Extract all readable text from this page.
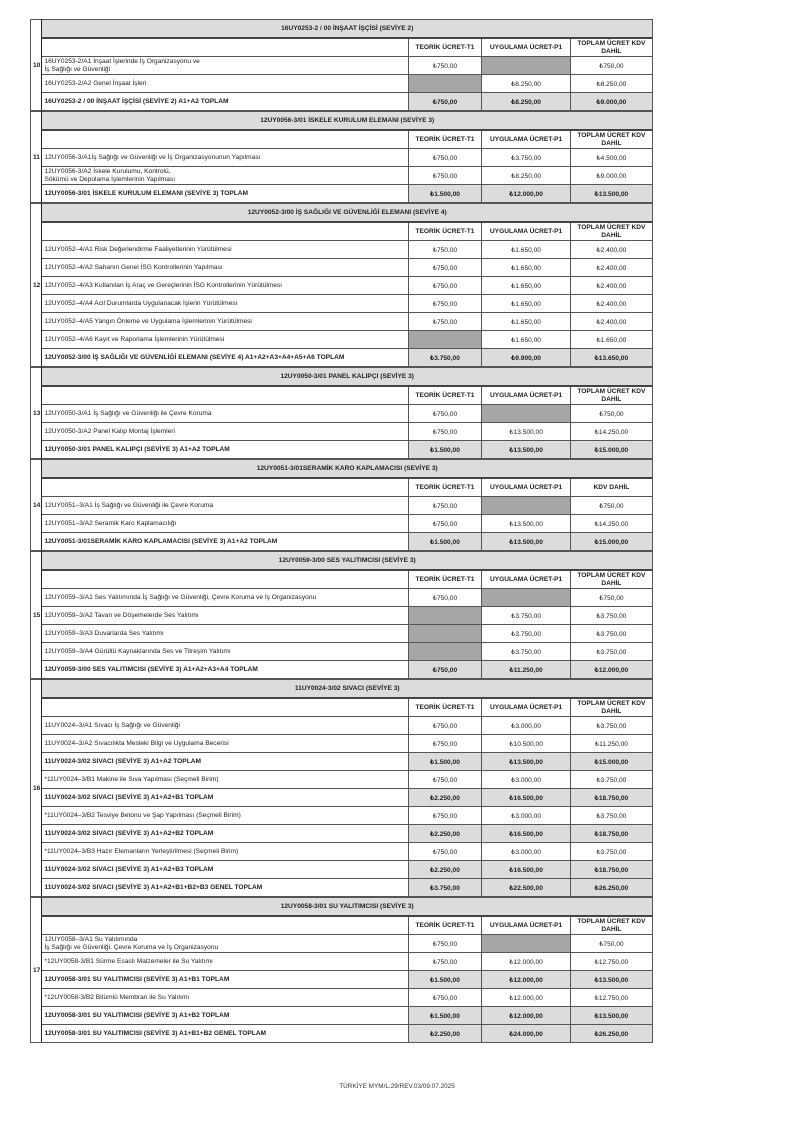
10	16UY0253-2 / 00 İNŞAAT İŞÇİSİ (SEVİYE 2)			
		TEORİK ÜCRET-T1	UYGULAMA ÜCRET-P1	TOPLAM ÜCRET KDV DAHİL
	16UY0253-2/A1 İnşaat İşlerinde İş Organizasyonu ve
İş Sağlığı ve Güvenliği	₺750,00		₺750,00
	16UY0253-2/A2 Genel İnşaat İşleri		₺8.250,00	₺8.250,00
	16UY0253-2 / 00 İNŞAAT İŞÇİSİ (SEVİYE 2) A1+A2 TOPLAM	₺750,00	₺8.250,00	₺9.000,00
11	12UY0056-3/01 İSKELE KURULUM ELEMANI (SEVİYE 3)			
		TEORİK ÜCRET-T1	UYGULAMA ÜCRET-P1	TOPLAM ÜCRET KDV DAHİL
	12UY0056-3/A1İş Sağlığı ve Güvenliği ve İş Organizasyonunun Yapılması	₺750,00	₺3.750,00	₺4.500,00
	12UY0056-3/A2 İskele Kurulumu, Kontrolü,
Sökümü ve Depolama İşlemlerinin Yapılması	₺750,00	₺8.250,00	₺9.000,00
	12UY0056-3/01 İSKELE KURULUM ELEMANI (SEVİYE 3) TOPLAM	₺1.500,00	₺12.000,00	₺13.500,00
12	12UY0052-3/00 İŞ SAĞLIĞI VE GÜVENLİĞİ ELEMANI (SEVİYE 4)			
		TEORİK ÜCRET-T1	UYGULAMA ÜCRET-P1	TOPLAM ÜCRET KDV DAHİL
	12UY0052–4/A1 Risk Değerlendirme Faaliyetlerinin Yürütülmesi	₺750,00	₺1.650,00	₺2.400,00
	12UY0052–4/A2 Sahanın Genel İSG Kontrollerinin Yapılması	₺750,00	₺1.650,00	₺2.400,00
	12UY0052–4/A3 Kullanılan İş Araç ve Gereçlerinin İSG Kontrollerinin Yürütülmesi	₺750,00	₺1.650,00	₺2.400,00
	12UY0052–4/A4 Acil Durumlarda Uygulanacak İşlerin Yürütülmesi	₺750,00	₺1.650,00	₺2.400,00
	12UY0052–4/A5 Yangın Önleme ve Uygulama İşlemlerinin Yürütülmesi	₺750,00	₺1.650,00	₺2.400,00
	12UY0052–4/A6 Kayıt ve Raporlama İşlemlerinin Yürütülmesi		₺1.650,00	₺1.650,00
	12UY0052-3/00 İŞ SAĞLIĞI VE GÜVENLİĞİ ELEMANI (SEVİYE 4) A1+A2+A3+A4+A5+A6 TOPLAM	₺3.750,00	₺9.900,00	₺13.650,00
13	12UY0050-3/01 PANEL KALIPÇI (SEVİYE 3)			
		TEORİK ÜCRET-T1	UYGULAMA ÜCRET-P1	TOPLAM ÜCRET KDV DAHİL
	12UY0050-3/A1 İş Sağlığı ve Güvenliği ile Çevre Koruma	₺750,00		₺750,00
	12UY0050-3/A2 Panel Kalıp Montaj İşlemleri	₺750,00	₺13.500,00	₺14.250,00
	12UY0050-3/01 PANEL KALIPÇI (SEVİYE 3) A1+A2 TOPLAM	₺1.500,00	₺13.500,00	₺15.000,00
14	12UY0051-3/01SERAMİK KARO KAPLAMACISI (SEVİYE 3)			
		TEORİK ÜCRET-T1	UYGULAMA ÜCRET-P1	KDV DAHİL
	12UY0051–3/A1 İş Sağlığı ve Güvenliği ile Çevre Koruma	₺750,00		₺750,00
	12UY0051–3/A2 Seramik Karo Kaplamacılığı	₺750,00	₺13.500,00	₺14.250,00
	12UY0051-3/01SERAMİK KARO KAPLAMACISI (SEVİYE 3) A1+A2 TOPLAM	₺1.500,00	₺13.500,00	₺15.000,00
15	12UY0059-3/00 SES YALITIMCISI (SEVİYE 3)			
		TEORİK ÜCRET-T1	UYGULAMA ÜCRET-P1	TOPLAM ÜCRET KDV DAHİL
	12UY0059–3/A1 Ses Yalıtımında İş Sağlığı ve Güvenliği, Çevre Koruma ve İş Organizasyonu	₺750,00		₺750,00
	12UY0059–3/A2 Tavan ve Döşemelerde Ses Yalıtımı		₺3.750,00	₺3.750,00
	12UY0059–3/A3 Duvarlarda Ses Yalıtımı		₺3.750,00	₺3.750,00
	12UY0059–3/A4 Gürültü Kaynaklarında Ses ve Titreşim Yalıtımı		₺3.750,00	₺3.750,00
	12UY0059-3/00 SES YALITIMCISI (SEVİYE 3) A1+A2+A3+A4 TOPLAM	₺750,00	₺11.250,00	₺12.000,00
16	11UY0024-3/02 SIVACI (SEVİYE 3)			
		TEORİK ÜCRET-T1	UYGULAMA ÜCRET-P1	TOPLAM ÜCRET KDV DAHİL
	11UY0024–3/A1 Sıvacı İş Sağlığı ve Güvenliği	₺750,00	₺3.000,00	₺3.750,00
	11UY0024–3/A2 Sıvacılıkta Mesleki Bilgi ve Uygulama Becerisi	₺750,00	₺10.500,00	₺11.250,00
	11UY0024-3/02 SIVACI (SEVİYE 3) A1+A2 TOPLAM	₺1.500,00	₺13.500,00	₺15.000,00
	*11UY0024–3/B1 Makine ile Sıva Yapılması (Seçmeli Birim)	₺750,00	₺3.000,00	₺3.750,00
	11UY0024-3/02 SIVACI (SEVİYE 3) A1+A2+B1 TOPLAM	₺2.250,00	₺16.500,00	₺18.750,00
	*11UY0024–3/B2 Tesviye Betonu ve Şap Yapılması (Seçmeli Birim)	₺750,00	₺3.000,00	₺3.750,00
	11UY0024-3/02 SIVACI (SEVİYE 3) A1+A2+B2 TOPLAM	₺2.250,00	₺16.500,00	₺18.750,00
	*11UY0024–3/B3 Hazır Elemanların Yerleştirilmesi (Seçmeli Birim)	₺750,00	₺3.000,00	₺3.750,00
	11UY0024-3/02 SIVACI (SEVİYE 3) A1+A2+B3 TOPLAM	₺2.250,00	₺16.500,00	₺18.750,00
	11UY0024-3/02 SIVACI (SEVİYE 3) A1+A2+B1+B2+B3 GENEL TOPLAM	₺3.750,00	₺22.500,00	₺26.250,00
17	12UY0058-3/01 SU YALITIMCISI (SEVİYE 3)			
		TEORİK ÜCRET-T1	UYGULAMA ÜCRET-P1	TOPLAM ÜCRET KDV DAHİL
	12UY0058–3/A1 Su Yalıtımında
İş Sağlığı ve Güvenliği, Çevre Koruma ve İş Organizasyonu	₺750,00		₺750,00
	*12UY0058-3/B1 Sürme Esaslı Malzemeler ile Su Yalıtımı	₺750,00	₺12.000,00	₺12.750,00
	12UY0058-3/01 SU YALITIMCISI (SEVİYE 3) A1+B1 TOPLAM	₺1.500,00	₺12.000,00	₺13.500,00
	*12UY0058-3/B2 Bitümlü Membran ile Su Yalıtımı	₺750,00	₺12.000,00	₺12.750,00
	12UY0058-3/01 SU YALITIMCISI (SEVİYE 3) A1+B2 TOPLAM	₺1.500,00	₺12.000,00	₺13.500,00
	12UY0058-3/01 SU YALITIMCISI (SEVİYE 3) A1+B1+B2 GENEL TOPLAM	₺2.250,00	₺24.000,00	₺26.250,00
TÜRKİYE MYM/L.29/REV.03/09.07.2025
